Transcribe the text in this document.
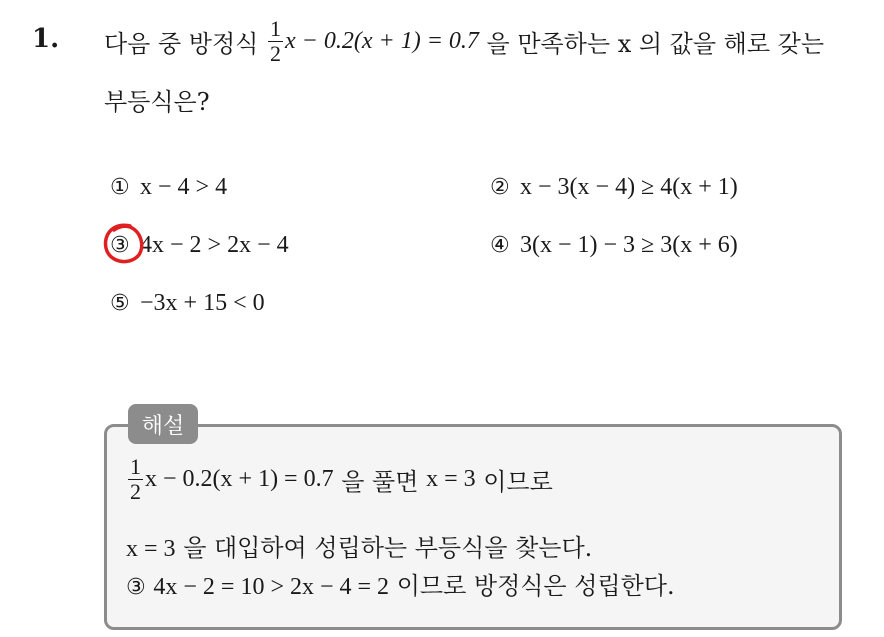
1. 다음 중 방정식 $\frac{1}{2}$ x − 0.2(x + 1) = 0.7 을 만족하는 x 의 값을 해로 갖는
부등식은?
① x − 4 > 4	② x − 3(x − 4) ≥ 4(x + 1)
③ 4x − 2 > 2x − 4	④ 3(x − 1) − 3 ≥ 3(x + 6)
⑤ −3x + 15 < 0
해설
$\frac{1}{2}$ x − 0.2(x + 1) = 0.7 을 풀면 x = 3 이므로
x = 3 을 대입하여 성립하는 부등식을 찾는다.
③ 4x − 2 = 10 > 2x − 4 = 2 이므로 방정식은 성립한다.
